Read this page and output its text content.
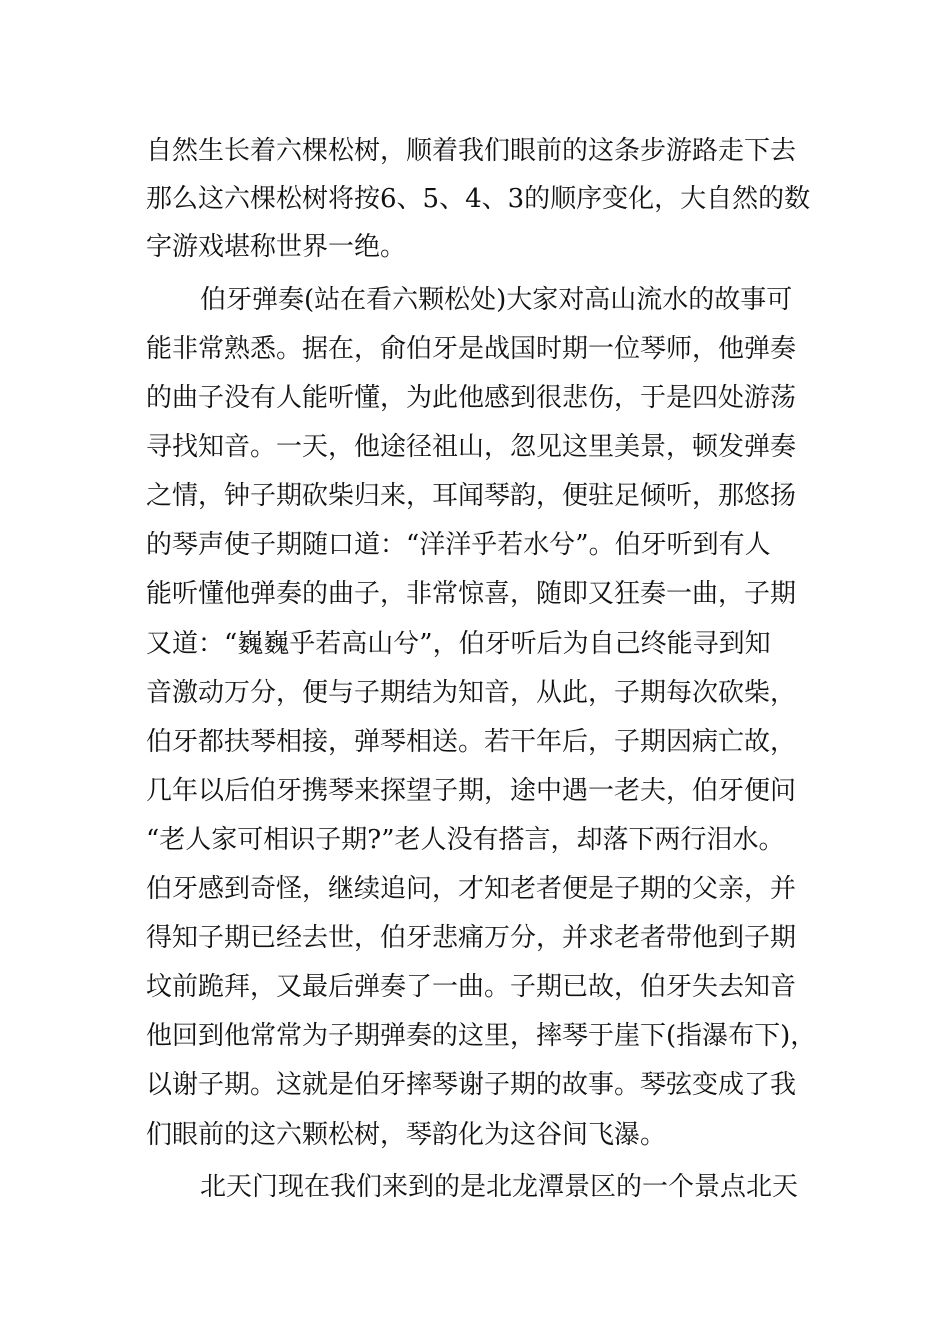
自然生长着六棵松树，顺着我们眼前的这条步游路走下去
那么这六棵松树将按6、5、4、3的顺序变化，大自然的数
字游戏堪称世界一绝。
伯牙弹奏(站在看六颗松处)大家对高山流水的故事可
能非常熟悉。据在，俞伯牙是战国时期一位琴师，他弹奏
的曲子没有人能听懂，为此他感到很悲伤，于是四处游荡
寻找知音。一天，他途径祖山，忽见这里美景，顿发弹奏
之情，钟子期砍柴归来，耳闻琴韵，便驻足倾听，那悠扬
的琴声使子期随口道：“洋洋乎若水兮”。伯牙听到有人
能听懂他弹奏的曲子，非常惊喜，随即又狂奏一曲，子期
又道：“巍巍乎若高山兮”，伯牙听后为自己终能寻到知
音激动万分，便与子期结为知音，从此，子期每次砍柴，
伯牙都扶琴相接，弹琴相送。若干年后，子期因病亡故，
几年以后伯牙携琴来探望子期，途中遇一老夫，伯牙便问
“老人家可相识子期?”老人没有搭言，却落下两行泪水。
伯牙感到奇怪，继续追问，才知老者便是子期的父亲，并
得知子期已经去世，伯牙悲痛万分，并求老者带他到子期
坟前跪拜，又最后弹奏了一曲。子期已故，伯牙失去知音
他回到他常常为子期弹奏的这里，摔琴于崖下(指瀑布下)，
以谢子期。这就是伯牙摔琴谢子期的故事。琴弦变成了我
们眼前的这六颗松树，琴韵化为这谷间飞瀑。
北天门现在我们来到的是北龙潭景区的一个景点北天
